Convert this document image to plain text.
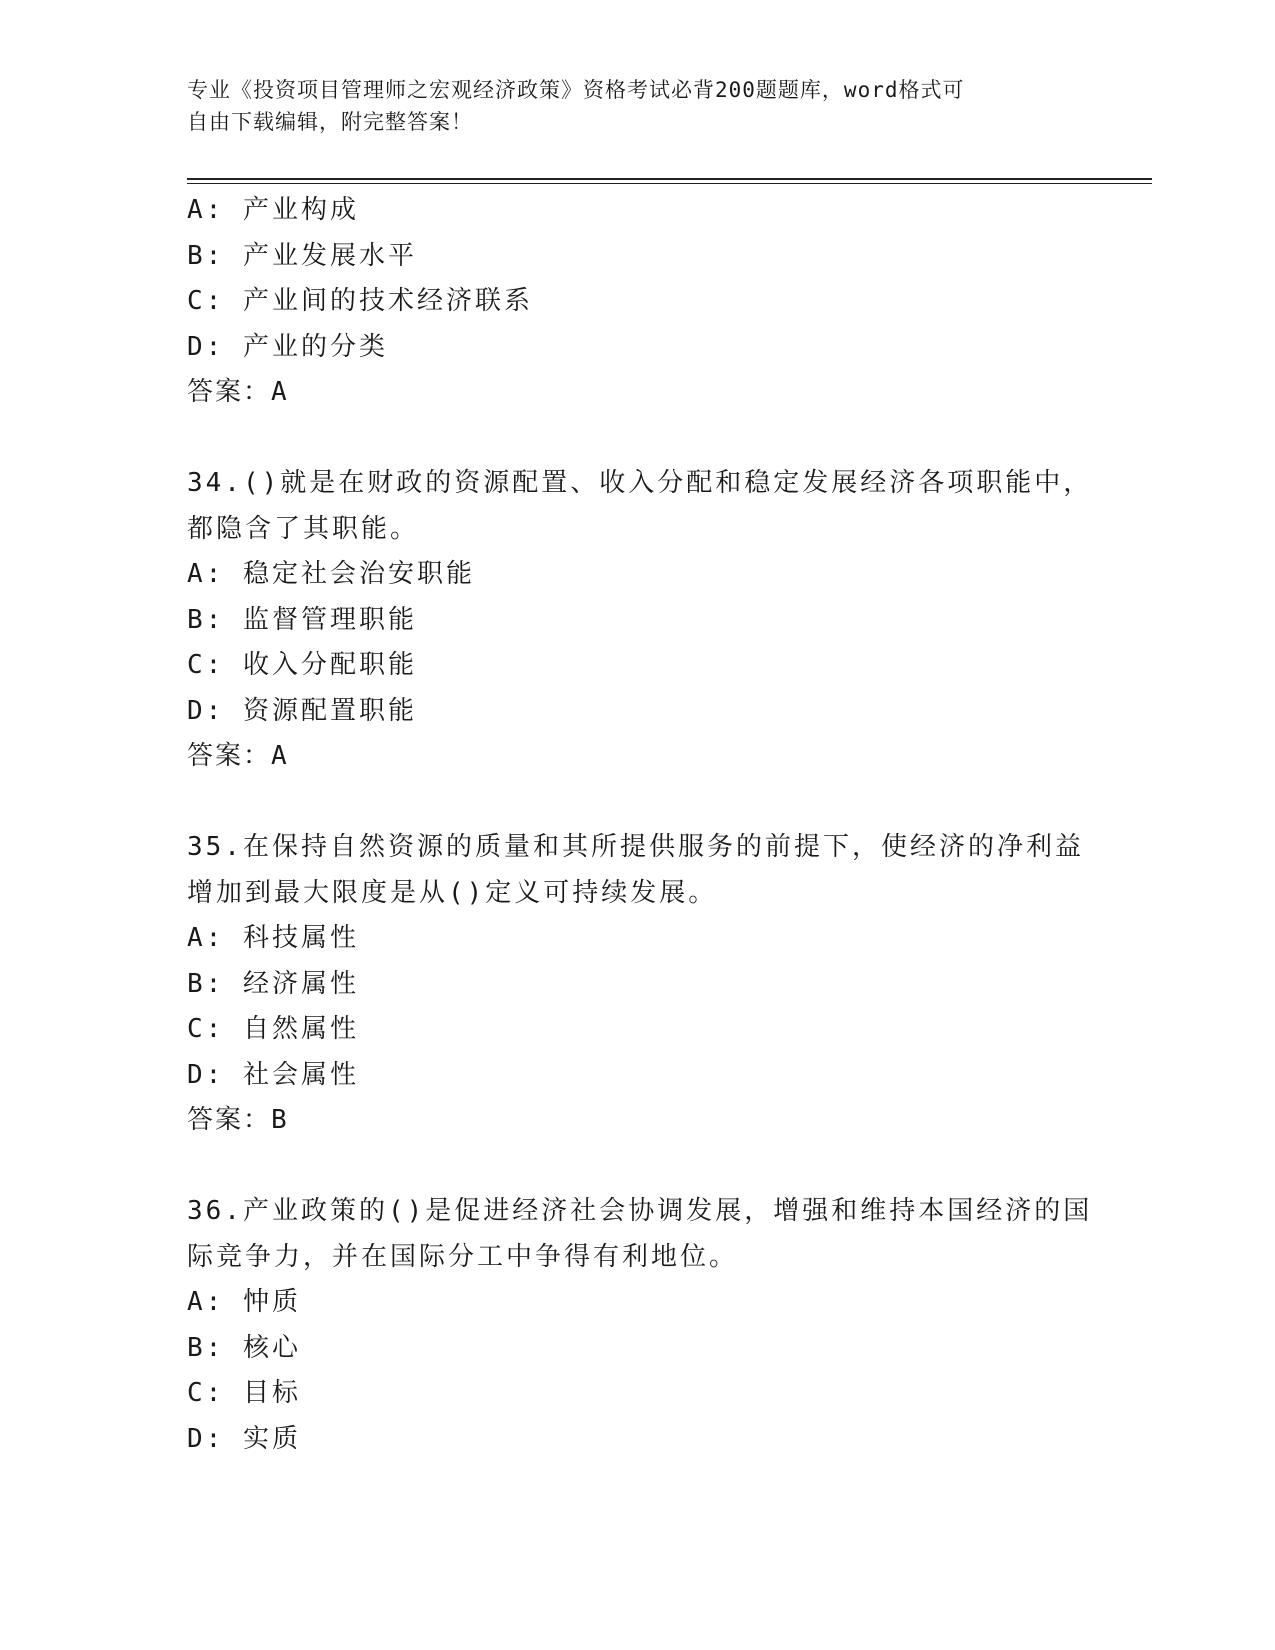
专业《投资项目管理师之宏观经济政策》资格考试必背200题题库，word格式可
自由下载编辑，附完整答案！
A: 产业构成
B: 产业发展水平
C: 产业间的技术经济联系
D: 产业的分类
答案：A
34.()就是在财政的资源配置、收入分配和稳定发展经济各项职能中，
都隐含了其职能。
A: 稳定社会治安职能
B: 监督管理职能
C: 收入分配职能
D: 资源配置职能
答案：A
35.在保持自然资源的质量和其所提供服务的前提下，使经济的净利益
增加到最大限度是从()定义可持续发展。
A: 科技属性
B: 经济属性
C: 自然属性
D: 社会属性
答案：B
36.产业政策的()是促进经济社会协调发展，增强和维持本国经济的国
际竞争力，并在国际分工中争得有利地位。
A: 忡质
B: 核心
C: 目标
D: 实质
